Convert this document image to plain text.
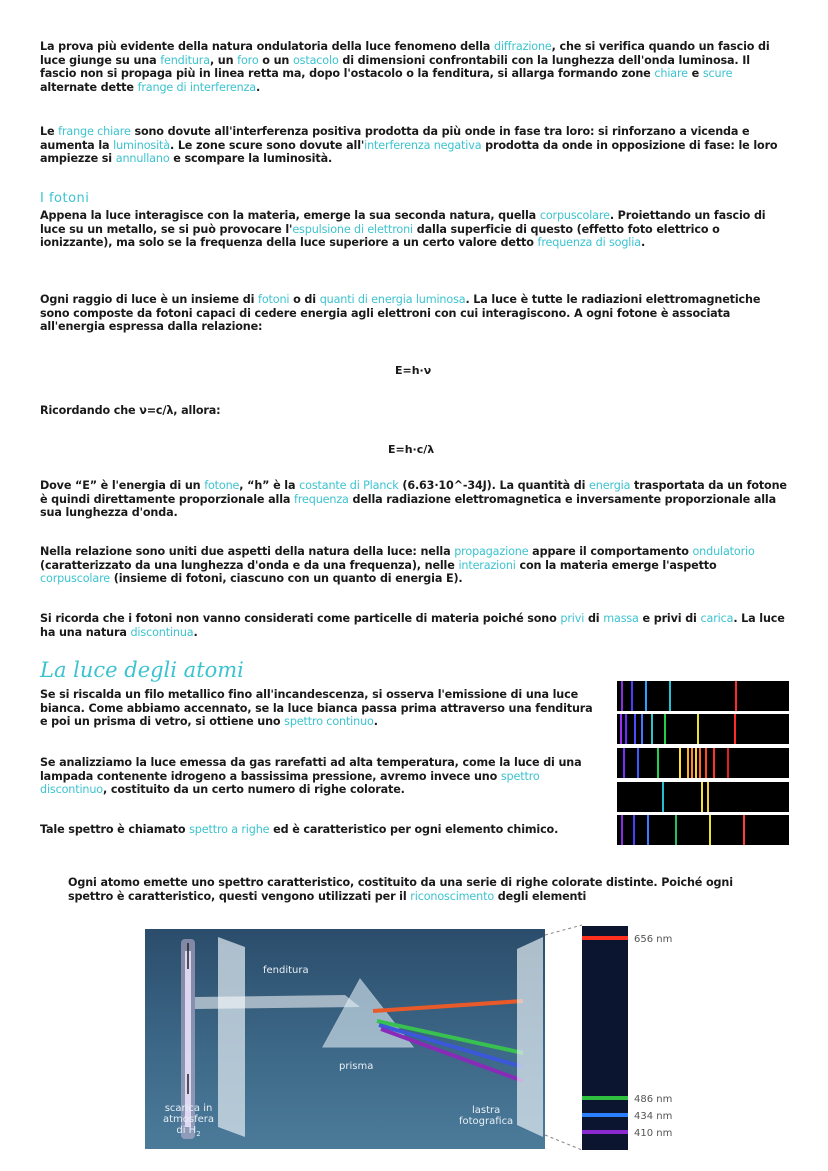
La prova più evidente della natura ondulatoria della luce fenomeno della diffrazione, che si verifica quando un fascio di luce giunge su una fenditura, un foro o un ostacolo di dimensioni confrontabili con la lunghezza dell'onda luminosa. Il fascio non si propaga più in linea retta ma, dopo l'ostacolo o la fenditura, si allarga formando zone chiare e scure alternate dette frange di interferenza.
Le frange chiare sono dovute all'interferenza positiva prodotta da più onde in fase tra loro: si rinforzano a vicenda e aumenta la luminosità. Le zone scure sono dovute all'interferenza negativa prodotta da onde in opposizione di fase: le loro ampiezze si annullano e scompare la luminosità.
I fotoni
Appena la luce interagisce con la materia, emerge la sua seconda natura, quella corpuscolare. Proiettando un fascio di luce su un metallo, se si può provocare l'espulsione di elettroni dalla superficie di questo (effetto foto elettrico o ionizzante), ma solo se la frequenza della luce superiore a un certo valore detto frequenza di soglia.
Ogni raggio di luce è un insieme di fotoni o di quanti di energia luminosa. La luce è tutte le radiazioni elettromagnetiche sono composte da fotoni capaci di cedere energia agli elettroni con cui interagiscono. A ogni fotone è associata all'energia espressa dalla relazione:
E=h·ν
Ricordando che ν=c/λ, allora:
E=h·c/λ
Dove “E” è l'energia di un fotone, “h” è la costante di Planck (6.63·10^-34J). La quantità di energia trasportata da un fotone è quindi direttamente proporzionale alla frequenza della radiazione elettromagnetica e inversamente proporzionale alla sua lunghezza d'onda.
Nella relazione sono uniti due aspetti della natura della luce: nella propagazione appare il comportamento ondulatorio (caratterizzato da una lunghezza d'onda e da una frequenza), nelle interazioni con la materia emerge l'aspetto corpuscolare (insieme di fotoni, ciascuno con un quanto di energia E).
Si ricorda che i fotoni non vanno considerati come particelle di materia poiché sono privi di massa e privi di carica. La luce ha una natura discontinua.
La luce degli atomi
Se si riscalda un filo metallico fino all'incandescenza, si osserva l'emissione di una luce bianca. Come abbiamo accennato, se la luce bianca passa prima attraverso una fenditura e poi un prisma di vetro, si ottiene uno spettro continuo.
Se analizziamo la luce emessa da gas rarefatti ad alta temperatura, come la luce di una lampada contenente idrogeno a bassissima pressione, avremo invece uno spettro discontinuo, costituito da un certo numero di righe colorate.
Tale spettro è chiamato spettro a righe ed è caratteristico per ogni elemento chimico.
Ogni atomo emette uno spettro caratteristico, costituito da una serie di righe colorate distinte. Poiché ogni spettro è caratteristico, questi vengono utilizzati per il riconoscimento degli elementi
fenditura
prisma
scarica in
atmosfera
di $H_2$
lastra
fotografica
656 nm
486 nm
434 nm
410 nm
